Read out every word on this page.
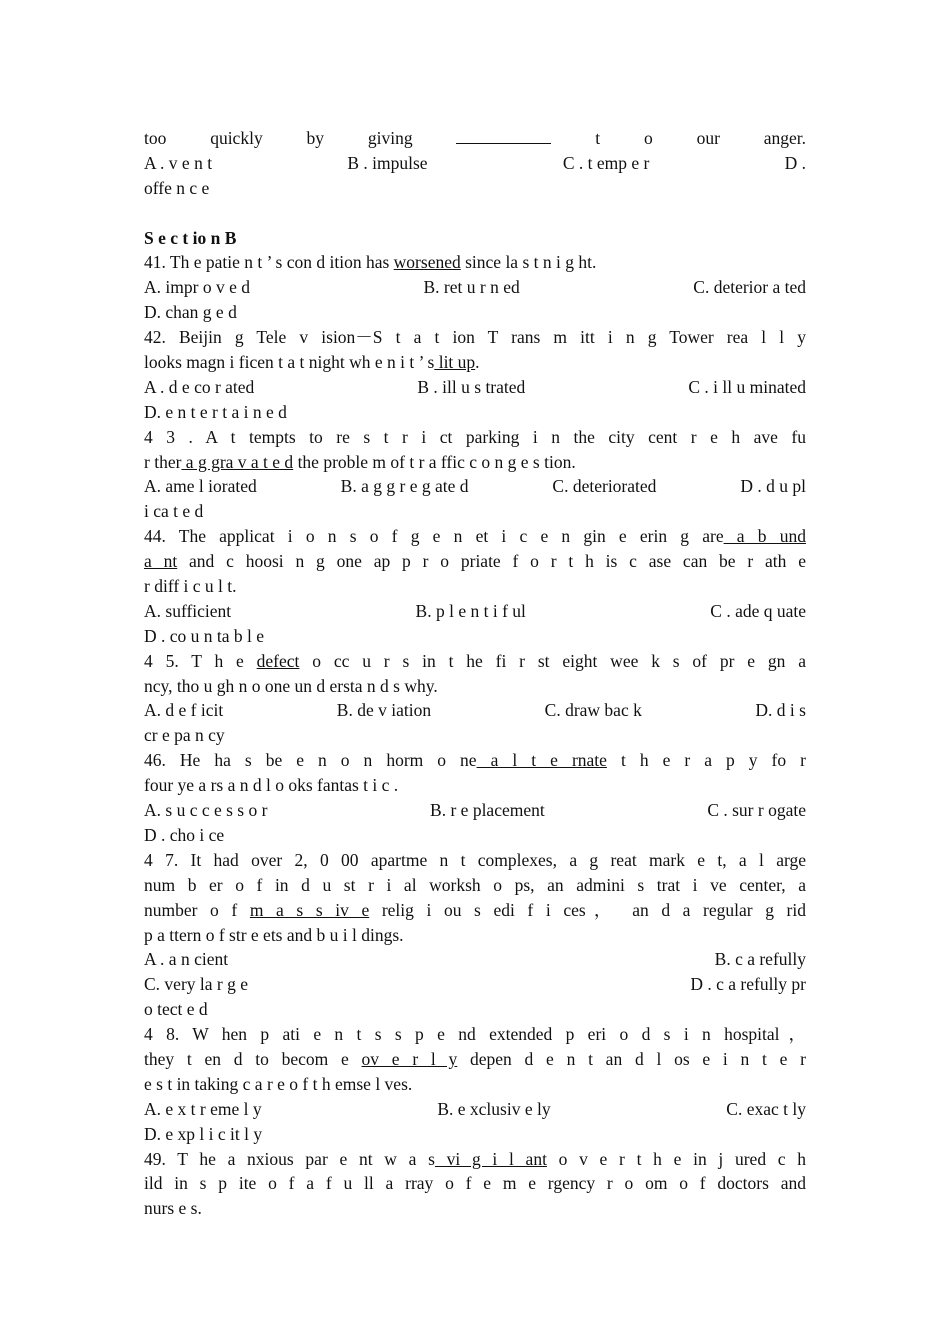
too quickly by giving	t o our anger.
A . v e n t	B . impulse	C . t emp e r	D .
offe n c e
S e c t io n B
41. Th e patie n t ’ s con d ition has worsened since la s t n i g ht.
A. impr o v e d	B. ret u r n ed	C. deterior a ted
D. chan g e d
42. Beijin g Tele v ision－S t a t ion T rans m itt i n g Tower rea l l y
looks magn i ficen t a t night wh e n i t ’ s lit up.
A . d e co r ated	B . ill u s trated	C . i ll u minated
D. e n t e r t a i n e d
4 3 . A t tempts to re s t r i ct parking i n the city cent r e h ave fu
r ther a g gra v a t e d the proble m of t r a ffic c o n g e s tion.
A. ame l iorated	B. a g g r e g ate d	C. deteriorated	D . d u pl
i ca t e d
44. The applicat i o n s o f g e n et i c e n gin e erin g are a b und
a nt and c hoosi n g one ap p r o priate f o r t h is c ase can be r ath e
r diff i c u l t.
A. sufficient	B. p l e n t i f ul	C . ade q uate
D . co u n ta b l e
4 5. T h e defect o cc u r s in t he fi r st eight wee k s of pr e gn a
ncy, tho u gh n o one un d ersta n d s why.
A. d e f icit	B. de v iation	C. draw bac k	D. d i s
cr e pa n cy
46. He ha s be e n o n horm o ne a l t e rnate t h e r a p y fo r
four ye a rs a n d l o oks fantas t i c .
A. s u c c e s s o r	B. r e placement	C . sur r ogate
D . cho i ce
4 7. It had over 2, 0 00 apartme n t complexes, a g reat mark e t, a l arge
num b er o f in d u st r i al worksh o ps, an admini s trat i ve center, a
number o f m a s s iv e relig i ou s edi f i ces， an d a regular g rid
p a ttern o f str e ets and b u i l dings.
A . a n cient	B. c a refully
C. very la r g e	D . c a refully pr
o tect e d
4 8. W hen p ati e n t s s p e nd extended p eri o d s i n hospital，
they t en d to becom e ov e r l y depen d e n t an d l os e i n t e r
e s t in taking c a r e o f t h emse l ves.
A. e x t r eme l y	B. e xclusiv e ly	C. exac t ly
D. e xp l i c it l y
49. T he a nxious par e nt w a s vi g i l ant o v e r t h e in j ured c h
ild in s p ite o f a f u ll a rray o f e m e rgency r o om o f doctors and
nurs e s.
